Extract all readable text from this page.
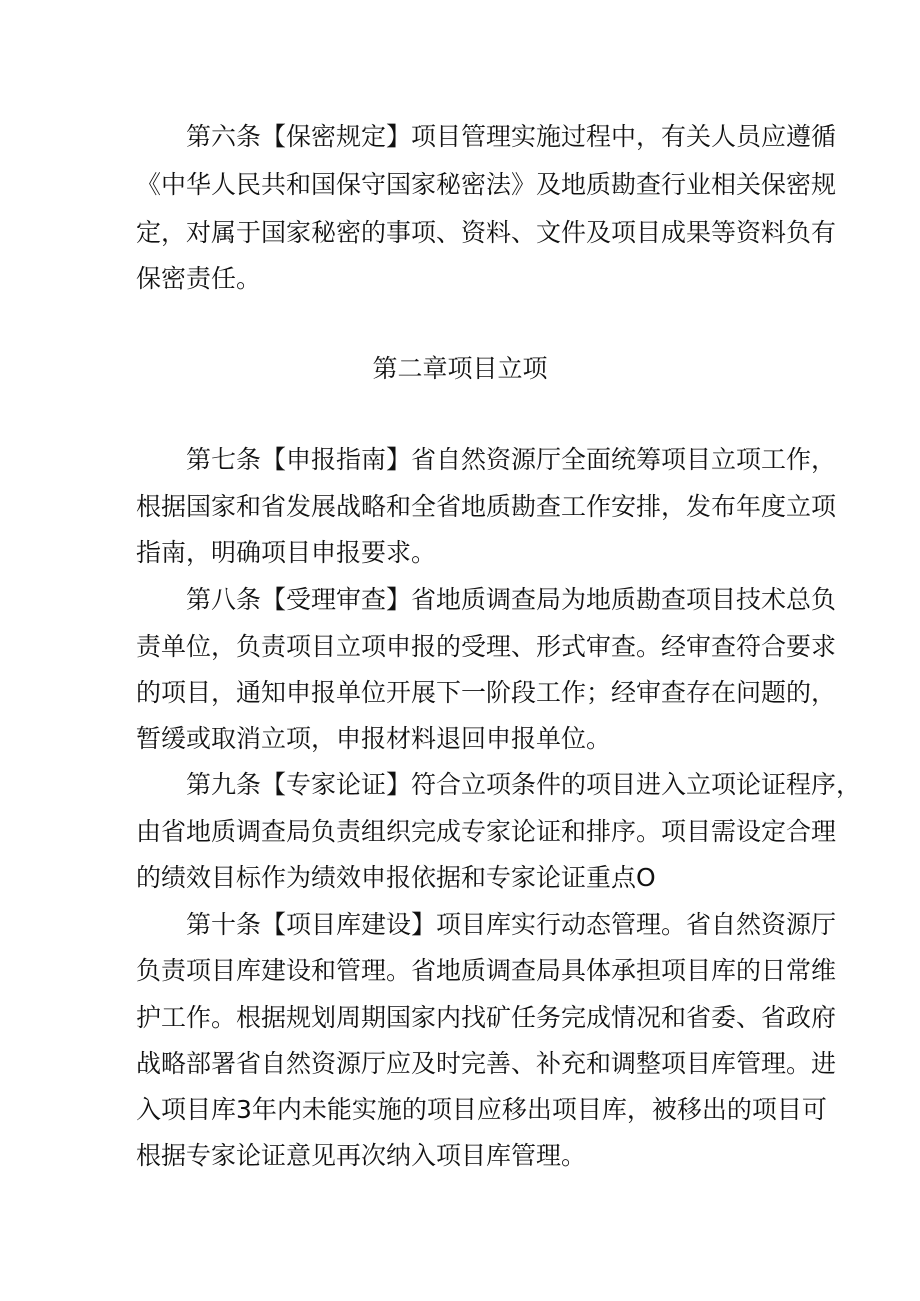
第六条【保密规定】项目管理实施过程中，有关人员应遵循
《中华人民共和国保守国家秘密法》及地质勘查行业相关保密规
定，对属于国家秘密的事项、资料、文件及项目成果等资料负有
保密责任。
第二章项目立项
第七条【申报指南】省自然资源厅全面统筹项目立项工作，
根据国家和省发展战略和全省地质勘查工作安排，发布年度立项
指南，明确项目申报要求。
第八条【受理审查】省地质调查局为地质勘查项目技术总负
责单位，负责项目立项申报的受理、形式审查。经审查符合要求
的项目，通知申报单位开展下一阶段工作；经审查存在问题的，
暂缓或取消立项，申报材料退回申报单位。
第九条【专家论证】符合立项条件的项目进入立项论证程序，
由省地质调查局负责组织完成专家论证和排序。项目需设定合理
的绩效目标作为绩效申报依据和专家论证重点O
第十条【项目库建设】项目库实行动态管理。省自然资源厅
负责项目库建设和管理。省地质调查局具体承担项目库的日常维
护工作。根据规划周期国家内找矿任务完成情况和省委、省政府
战略部署省自然资源厅应及时完善、补充和调整项目库管理。进
入项目库3年内未能实施的项目应移出项目库，被移出的项目可
根据专家论证意见再次纳入项目库管理。
